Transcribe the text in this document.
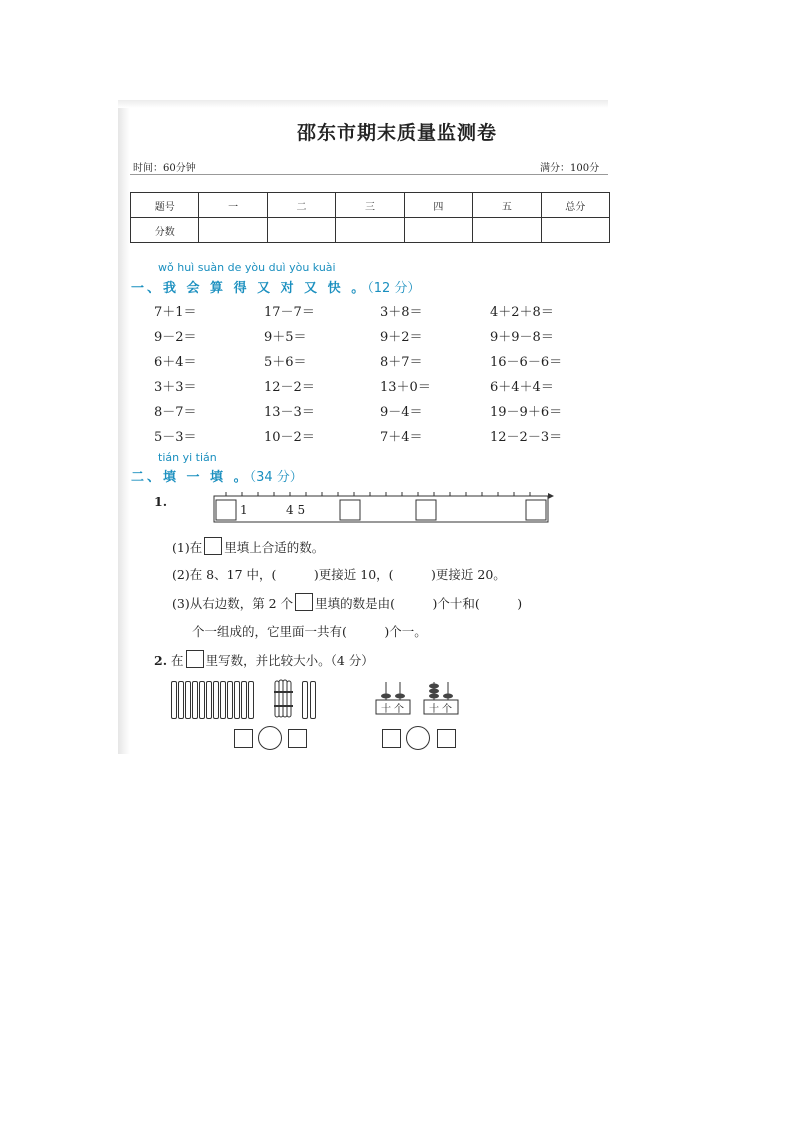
邵东市期末质量监测卷
时间：60分钟	满分：100分
题号	一	二	三	四	五	总分
分数						
wǒ huì suàn de yòu duì yòu kuài
一、我 会 算 得 又 对 又 快 。（12 分）
7＋1＝	17－7＝	3＋8＝	4＋2＋8＝
9－2＝	9＋5＝	9＋2＝	9＋9－8＝
6＋4＝	5＋6＝	8＋7＝	16－6－6＝
3＋3＝	12－2＝	13＋0＝	6＋4＋4＝
8－7＝	13－3＝	9－4＝	19－9＋6＝
5－3＝	10－2＝	7＋4＝	12－2－3＝
tián yi tián
二、填 一 填 。（34 分）
1.
1	4 5
(1)在 里填上合适的数。
(2)在 8、17 中，(　　　)更接近 10，(　　　)更接近 20。
(3)从右边数，第 2 个 里填的数是由(　　　)个十和(　　　)
个一组成的，它里面一共有(　　　)个一。
2. 在 里写数，并比较大小。（4 分）
十 个	十 个
